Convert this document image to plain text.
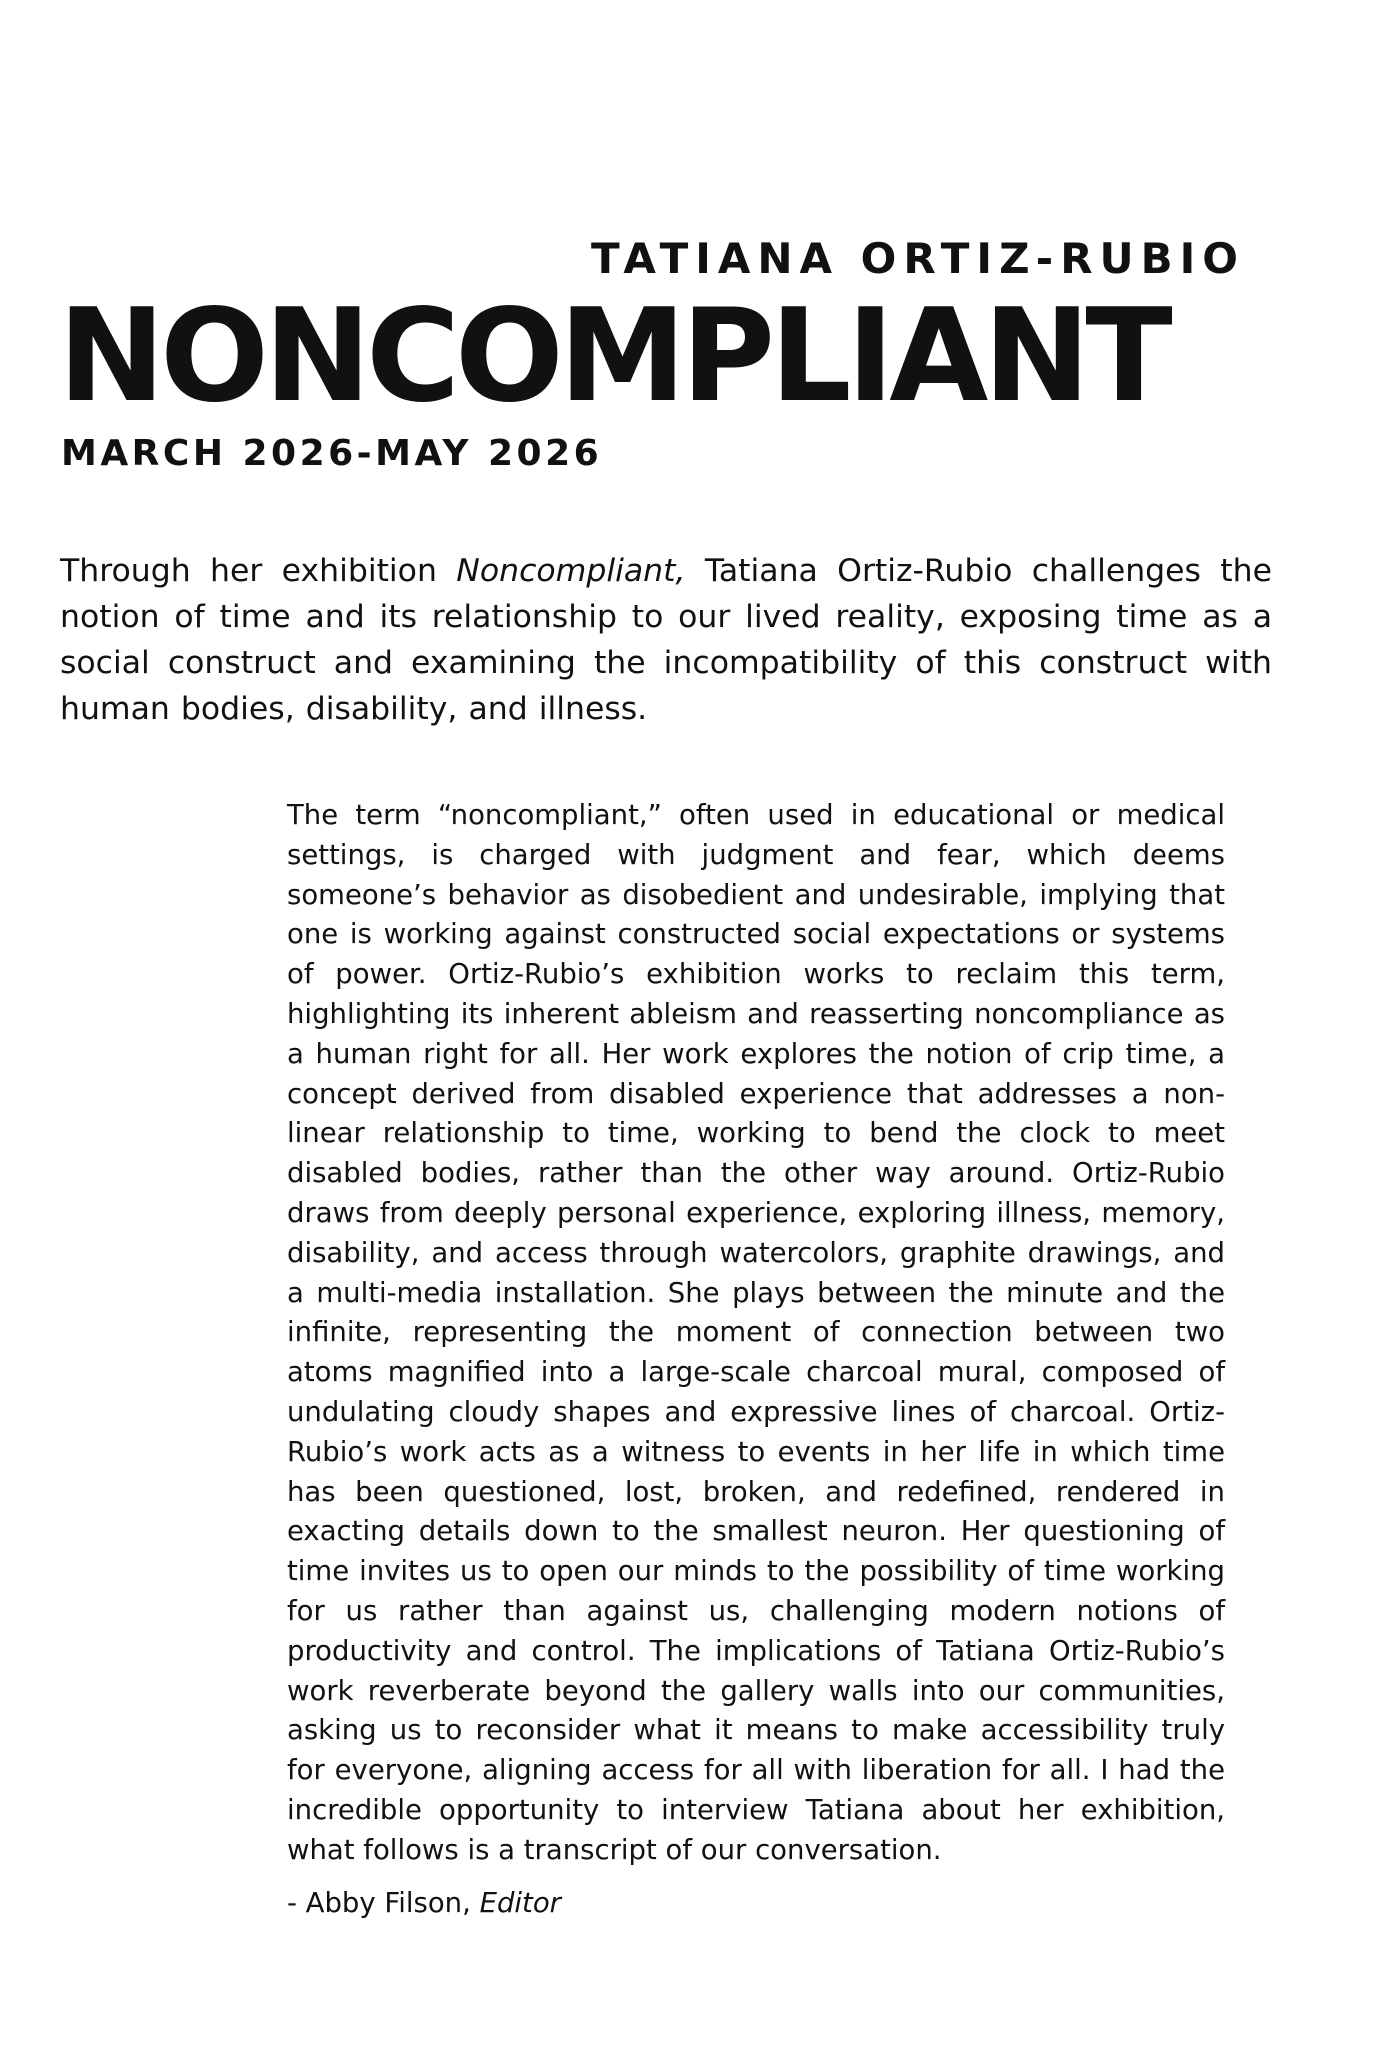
TATIANA ORTIZ-RUBIO
NONCOMPLIANT
MARCH 2026-MAY 2026

Through her exhibition Noncompliant, Tatiana Ortiz-Rubio challenges the notion of time and its relationship to our lived reality, exposing time as a social construct and examining the incompatibility of this construct with human bodies, disability, and illness.

The term “noncompliant,” often used in educational or medical settings, is charged with judgment and fear, which deems someone’s behavior as disobedient and undesirable, implying that one is working against constructed social expectations or systems of power. Ortiz-Rubio’s exhibition works to reclaim this term, highlighting its inherent ableism and reasserting noncompliance as a human right for all. Her work explores the notion of crip time, a concept derived from disabled experience that addresses a non-linear relationship to time, working to bend the clock to meet disabled bodies, rather than the other way around. Ortiz-Rubio draws from deeply personal experience, exploring illness, memory, disability, and access through watercolors, graphite drawings, and a multi-media installation. She plays between the minute and the infinite, representing the moment of connection between two atoms magnified into a large-scale charcoal mural, composed of undulating cloudy shapes and expressive lines of charcoal. Ortiz-Rubio’s work acts as a witness to events in her life in which time has been questioned, lost, broken, and redefined, rendered in exacting details down to the smallest neuron. Her questioning of time invites us to open our minds to the possibility of time working for us rather than against us, challenging modern notions of productivity and control. The implications of Tatiana Ortiz-Rubio’s work reverberate beyond the gallery walls into our communities, asking us to reconsider what it means to make accessibility truly for everyone, aligning access for all with liberation for all. I had the incredible opportunity to interview Tatiana about her exhibition, what follows is a transcript of our conversation.

- Abby Filson, Editor
